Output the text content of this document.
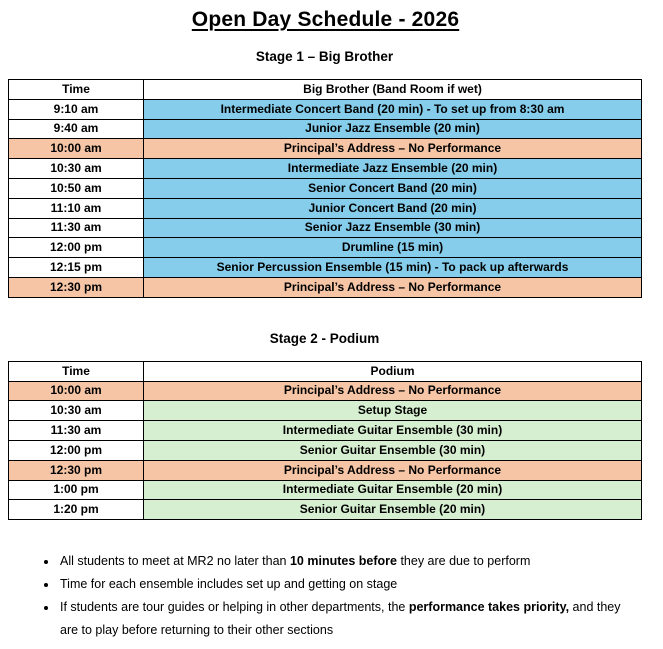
Open Day Schedule - 2026
Stage 1 – Big Brother
Time	Big Brother (Band Room if wet)
9:10 am	Intermediate Concert Band (20 min) - To set up from 8:30 am
9:40 am	Junior Jazz Ensemble (20 min)
10:00 am	Principal’s Address – No Performance
10:30 am	Intermediate Jazz Ensemble (20 min)
10:50 am	Senior Concert Band (20 min)
11:10 am	Junior Concert Band (20 min)
11:30 am	Senior Jazz Ensemble (30 min)
12:00 pm	Drumline (15 min)
12:15 pm	Senior Percussion Ensemble (15 min) - To pack up afterwards
12:30 pm	Principal’s Address – No Performance
Stage 2 - Podium
Time	Podium
10:00 am	Principal’s Address – No Performance
10:30 am	Setup Stage
11:30 am	Intermediate Guitar Ensemble (30 min)
12:00 pm	Senior Guitar Ensemble (30 min)
12:30 pm	Principal’s Address – No Performance
1:00 pm	Intermediate Guitar Ensemble (20 min)
1:20 pm	Senior Guitar Ensemble (20 min)
• All students to meet at MR2 no later than 10 minutes before they are due to perform
• Time for each ensemble includes set up and getting on stage
• If students are tour guides or helping in other departments, the performance takes priority, and they are to play before returning to their other sections
